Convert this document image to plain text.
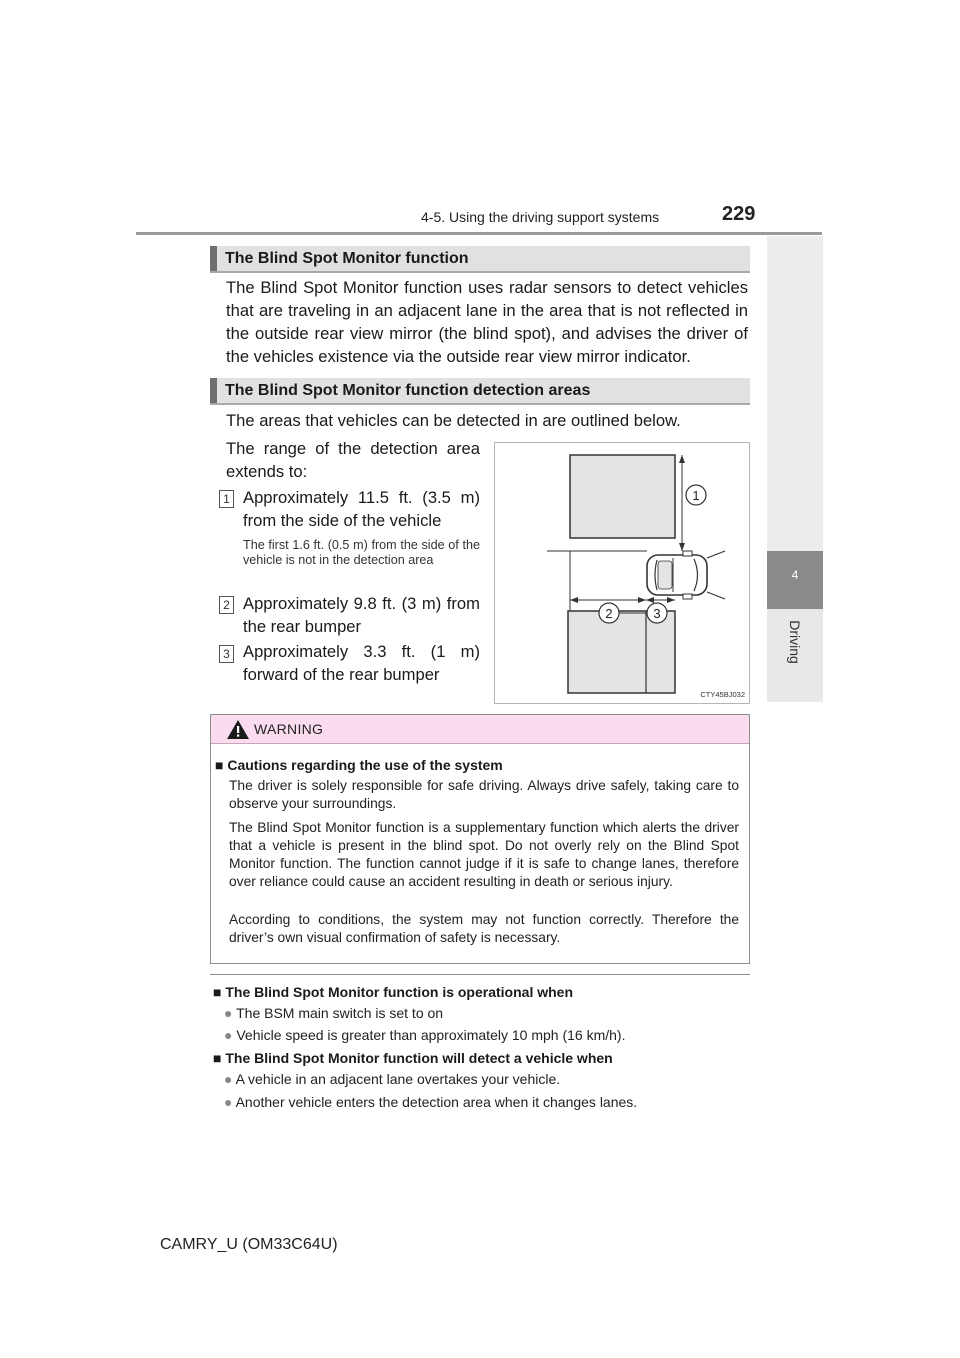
4-5. Using the driving support systems	229
4
Driving
The Blind Spot Monitor function
The Blind Spot Monitor function uses radar sensors to detect vehicles that are traveling in an adjacent lane in the area that is not reflected in the outside rear view mirror (the blind spot), and advises the driver of the vehicles existence via the outside rear view mirror indicator.
The Blind Spot Monitor function detection areas
The areas that vehicles can be detected in are outlined below.
The range of the detection area extends to:
1 Approximately 11.5 ft. (3.5 m) from the side of the vehicle
The first 1.6 ft. (0.5 m) from the side of the vehicle is not in the detection area
2 Approximately 9.8 ft. (3 m) from the rear bumper
3 Approximately 3.3 ft. (1 m) forward of the rear bumper
1
2	3
CTY45BJ032
WARNING
■ Cautions regarding the use of the system
The driver is solely responsible for safe driving. Always drive safely, taking care to observe your surroundings.
The Blind Spot Monitor function is a supplementary function which alerts the driver that a vehicle is present in the blind spot. Do not overly rely on the Blind Spot Monitor function. The function cannot judge if it is safe to change lanes, therefore over reliance could cause an accident resulting in death or serious injury.
According to conditions, the system may not function correctly. Therefore the driver’s own visual confirmation of safety is necessary.
■ The Blind Spot Monitor function is operational when
● The BSM main switch is set to on
● Vehicle speed is greater than approximately 10 mph (16 km/h).
■ The Blind Spot Monitor function will detect a vehicle when
● A vehicle in an adjacent lane overtakes your vehicle.
● Another vehicle enters the detection area when it changes lanes.
CAMRY_U (OM33C64U)
